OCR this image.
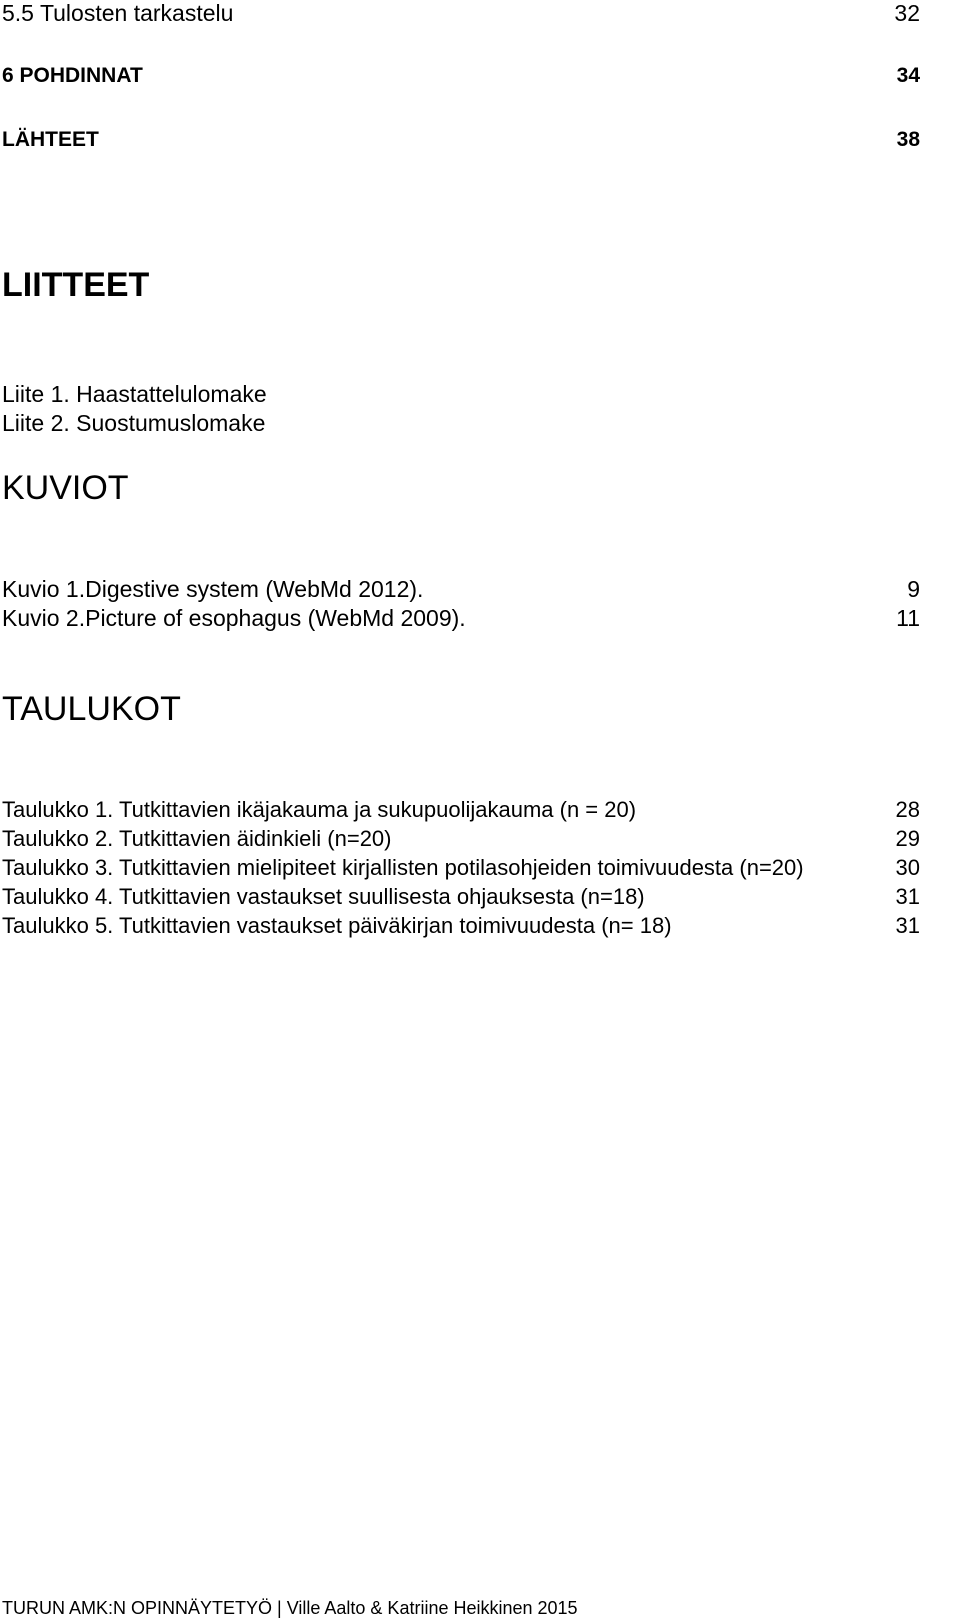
5.5 Tulosten tarkastelu	32
6 POHDINNAT	34
LÄHTEET	38
LIITTEET
Liite 1. Haastattelulomake
Liite 2. Suostumuslomake
KUVIOT
Kuvio 1.Digestive system (WebMd 2012).	9
Kuvio 2.Picture of esophagus (WebMd 2009).	11
TAULUKOT
Taulukko 1. Tutkittavien ikäjakauma ja sukupuolijakauma (n = 20)	28
Taulukko 2. Tutkittavien äidinkieli (n=20)	29
Taulukko 3. Tutkittavien mielipiteet kirjallisten potilasohjeiden toimivuudesta (n=20)	30
Taulukko 4. Tutkittavien vastaukset suullisesta ohjauksesta (n=18)	31
Taulukko 5. Tutkittavien vastaukset päiväkirjan toimivuudesta (n= 18)	31
TURUN AMK:N OPINNÄYTETYÖ | Ville Aalto & Katriine Heikkinen 2015
